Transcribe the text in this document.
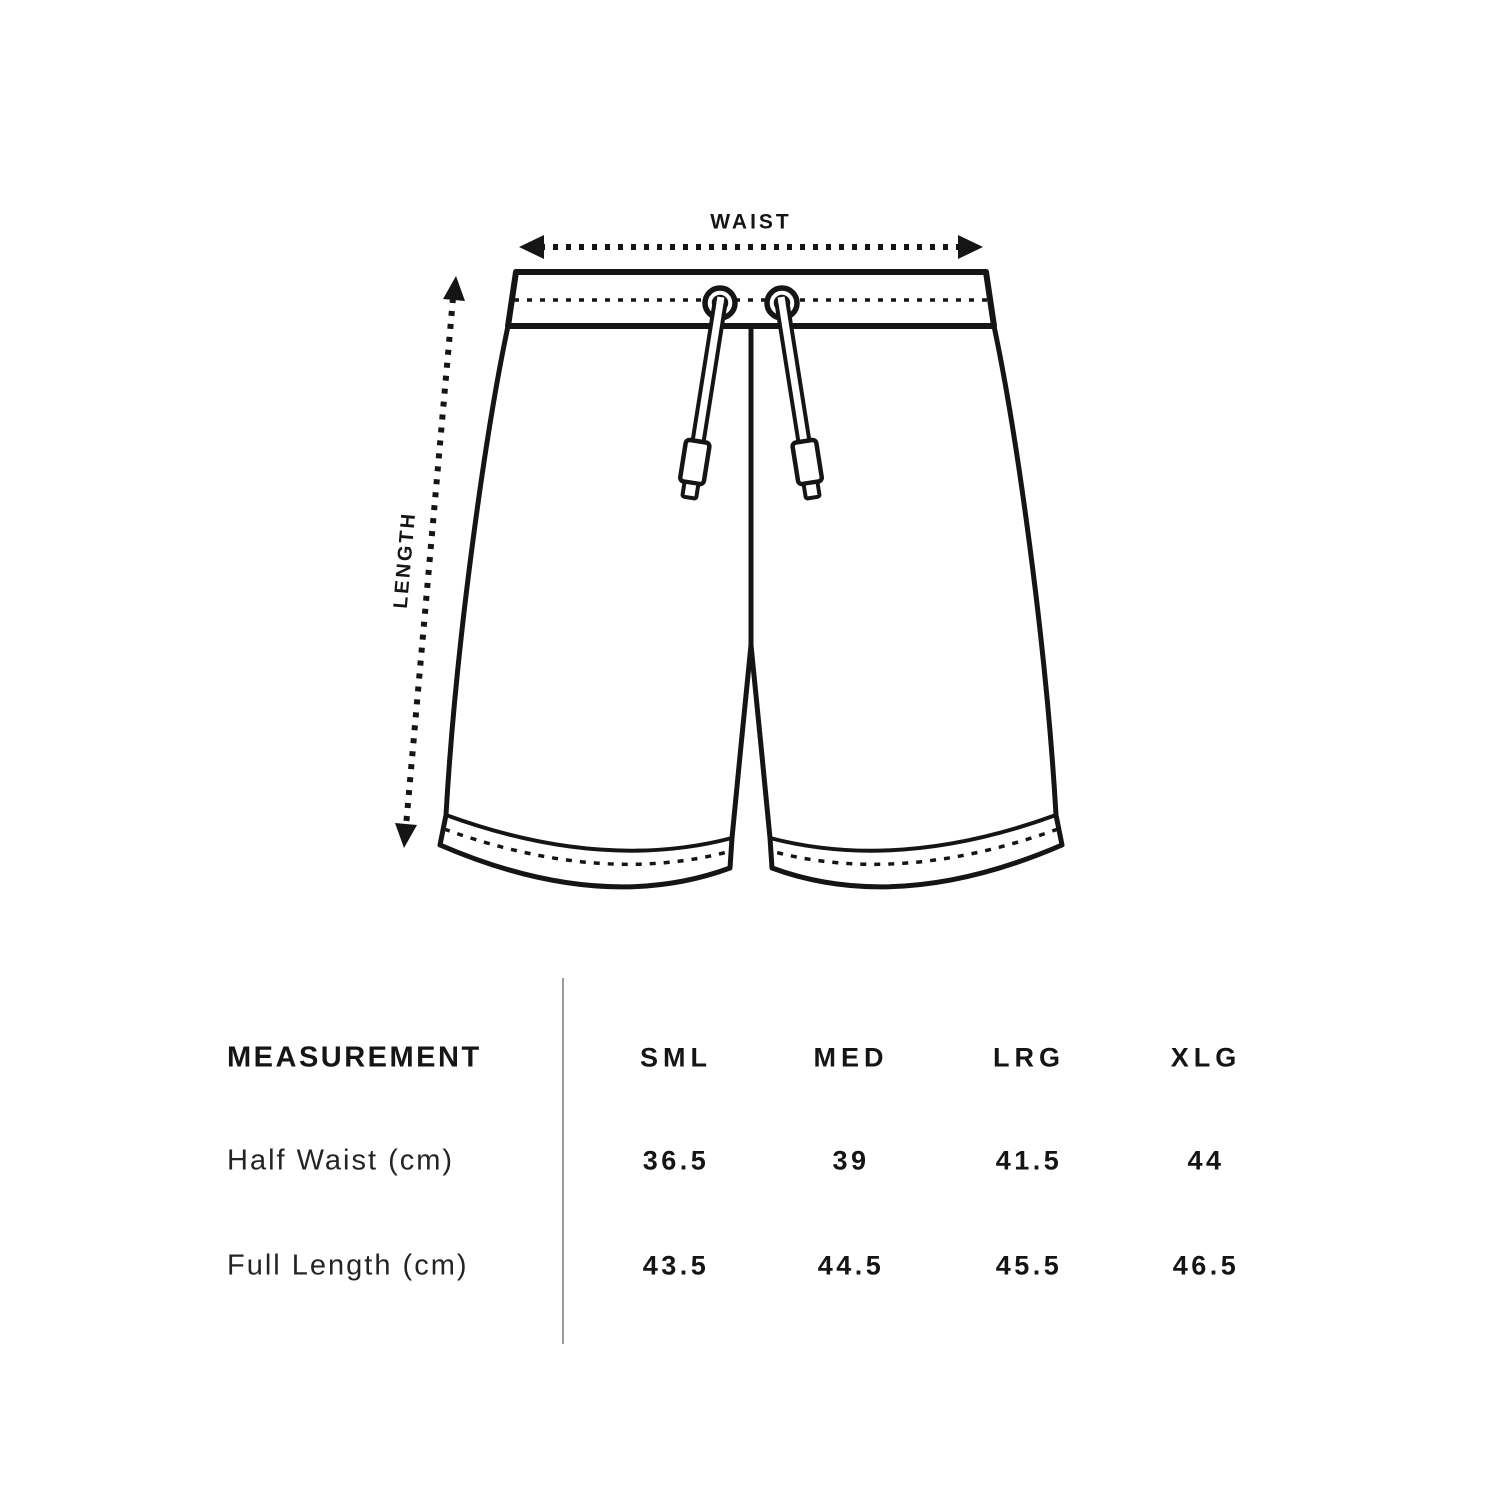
WAIST
LENGTH
MEASUREMENT	SML	MED	LRG	XLG
Half Waist (cm)	36.5	39	41.5	44
Full Length (cm)	43.5	44.5	45.5	46.5
